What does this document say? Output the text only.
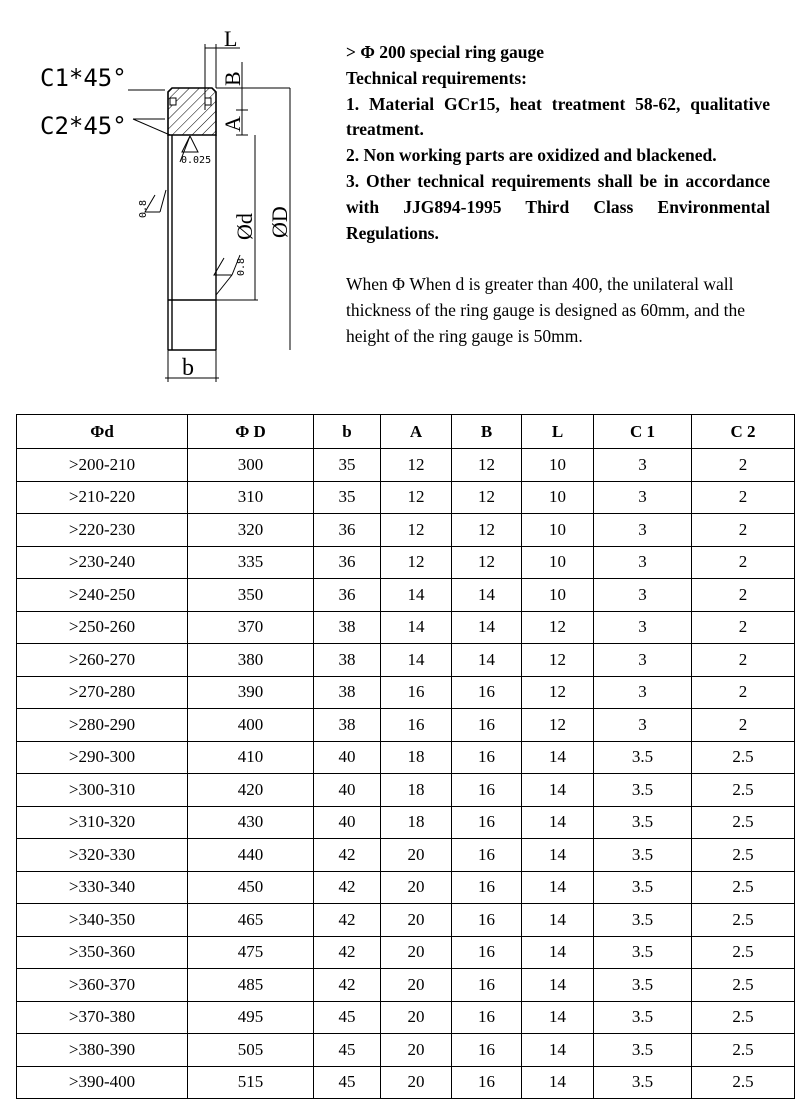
C1*45°
C2*45°
L
B
A
Ød ØD
b
0.025
0.8
0.8
> Φ 200 special ring gauge
Technical requirements:
1. Material GCr15, heat treatment 58-62, qualitative treatment.
2. Non working parts are oxidized and blackened.
3. Other technical requirements shall be in accordance with JJG894-1995 Third Class Environmental Regulations.
When Φ When d is greater than 400, the unilateral wall thickness of the ring gauge is designed as 60mm, and the height of the ring gauge is 50mm.
Φd	Φ D	b	A	B	L	C 1	C 2
>200-210	300	35	12	12	10	3	2
>210-220	310	35	12	12	10	3	2
>220-230	320	36	12	12	10	3	2
>230-240	335	36	12	12	10	3	2
>240-250	350	36	14	14	10	3	2
>250-260	370	38	14	14	12	3	2
>260-270	380	38	14	14	12	3	2
>270-280	390	38	16	16	12	3	2
>280-290	400	38	16	16	12	3	2
>290-300	410	40	18	16	14	3.5	2.5
>300-310	420	40	18	16	14	3.5	2.5
>310-320	430	40	18	16	14	3.5	2.5
>320-330	440	42	20	16	14	3.5	2.5
>330-340	450	42	20	16	14	3.5	2.5
>340-350	465	42	20	16	14	3.5	2.5
>350-360	475	42	20	16	14	3.5	2.5
>360-370	485	42	20	16	14	3.5	2.5
>370-380	495	45	20	16	14	3.5	2.5
>380-390	505	45	20	16	14	3.5	2.5
>390-400	515	45	20	16	14	3.5	2.5
